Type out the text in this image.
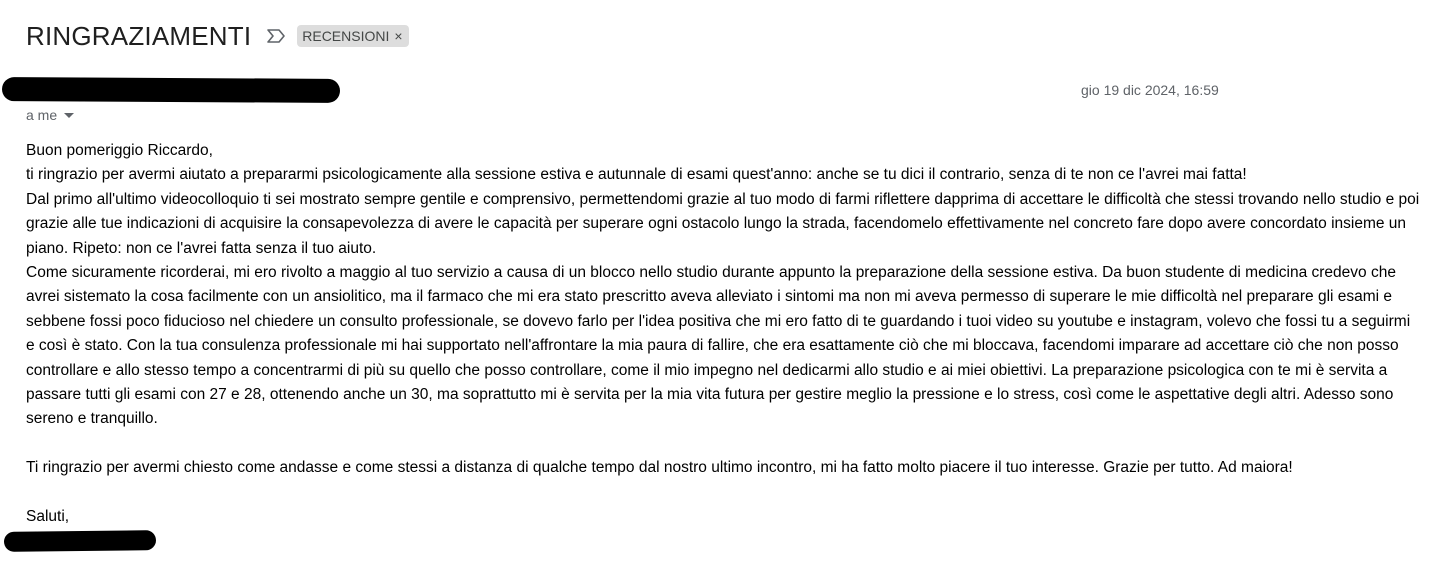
RINGRAZIAMENTI	RECENSIONI ×
gio 19 dic 2024, 16:59
a me

Buon pomeriggio Riccardo,

ti ringrazio per avermi aiutato a prepararmi psicologicamente alla sessione estiva e autunnale di esami quest'anno: anche se tu dici il contrario, senza di te non ce l'avrei mai fatta!

Dal primo all'ultimo videocolloquio ti sei mostrato sempre gentile e comprensivo, permettendomi grazie al tuo modo di farmi riflettere dapprima di accettare le difficoltà che stessi trovando nello studio e poi grazie alle tue indicazioni di acquisire la consapevolezza di avere le capacità per superare ogni ostacolo lungo la strada, facendomelo effettivamente nel concreto fare dopo avere concordato insieme un piano. Ripeto: non ce l'avrei fatta senza il tuo aiuto.

Come sicuramente ricorderai, mi ero rivolto a maggio al tuo servizio a causa di un blocco nello studio durante appunto la preparazione della sessione estiva. Da buon studente di medicina credevo che avrei sistemato la cosa facilmente con un ansiolitico, ma il farmaco che mi era stato prescritto aveva alleviato i sintomi ma non mi aveva permesso di superare le mie difficoltà nel preparare gli esami e sebbene fossi poco fiducioso nel chiedere un consulto professionale, se dovevo farlo per l'idea positiva che mi ero fatto di te guardando i tuoi video su youtube e instagram, volevo che fossi tu a seguirmi e così è stato. Con la tua consulenza professionale mi hai supportato nell'affrontare la mia paura di fallire, che era esattamente ciò che mi bloccava, facendomi imparare ad accettare ciò che non posso controllare e allo stesso tempo a concentrarmi di più su quello che posso controllare, come il mio impegno nel dedicarmi allo studio e ai miei obiettivi. La preparazione psicologica con te mi è servita a passare tutti gli esami con 27 e 28, ottenendo anche un 30, ma soprattutto mi è servita per la mia vita futura per gestire meglio la pressione e lo stress, così come le aspettative degli altri. Adesso sono sereno e tranquillo.

Ti ringrazio per avermi chiesto come andasse e come stessi a distanza di qualche tempo dal nostro ultimo incontro, mi ha fatto molto piacere il tuo interesse. Grazie per tutto. Ad maiora!

Saluti,
